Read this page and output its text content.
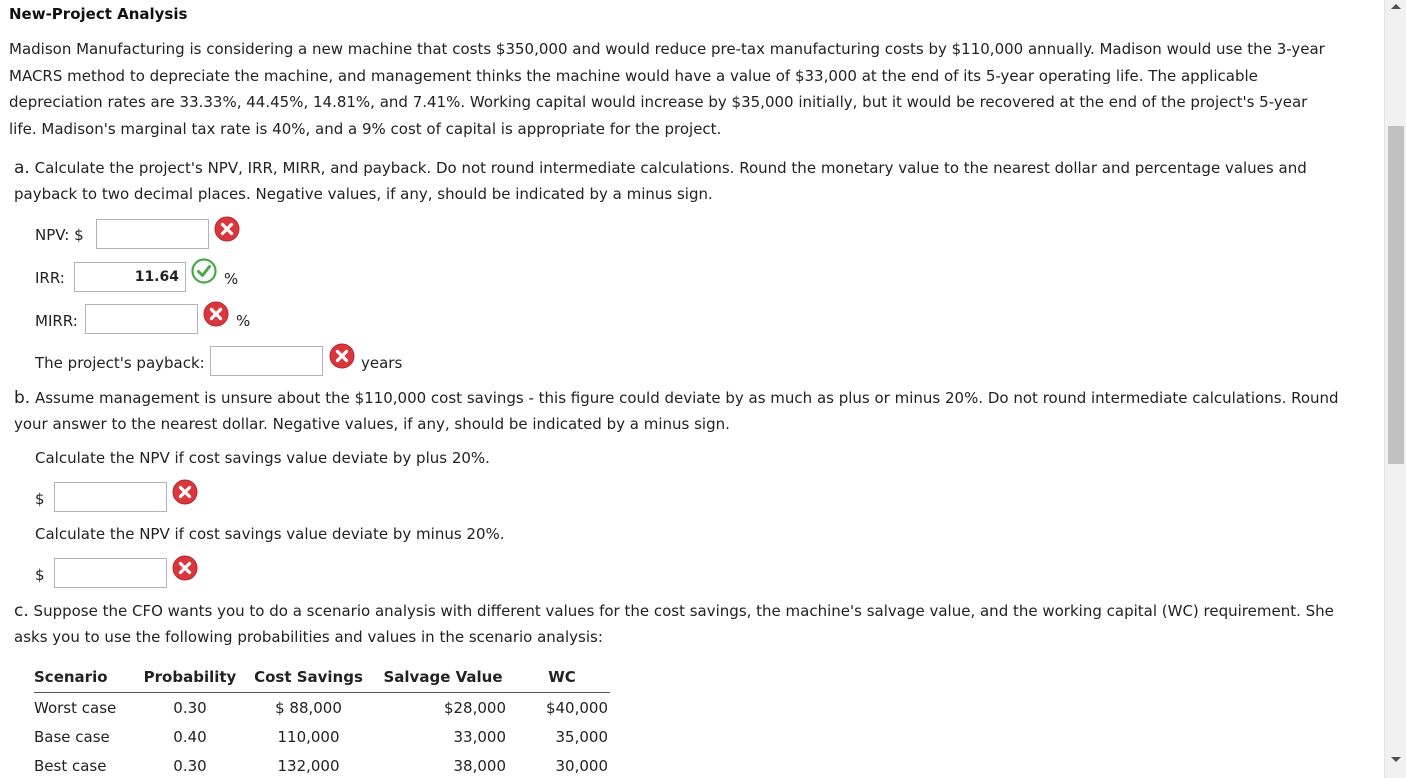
New-Project Analysis
Madison Manufacturing is considering a new machine that costs $350,000 and would reduce pre-tax manufacturing costs by $110,000 annually. Madison would use the 3-year MACRS method to depreciate the machine, and management thinks the machine would have a value of $33,000 at the end of its 5-year operating life. The applicable depreciation rates are 33.33%, 44.45%, 14.81%, and 7.41%. Working capital would increase by $35,000 initially, but it would be recovered at the end of the project's 5-year life. Madison's marginal tax rate is 40%, and a 9% cost of capital is appropriate for the project.
a. Calculate the project's NPV, IRR, MIRR, and payback. Do not round intermediate calculations. Round the monetary value to the nearest dollar and percentage values and payback to two decimal places. Negative values, if any, should be indicated by a minus sign.
NPV: $
IRR:
11.64	%
MIRR:	%
The project's payback:	years
b. Assume management is unsure about the $110,000 cost savings - this figure could deviate by as much as plus or minus 20%. Do not round intermediate calculations. Round your answer to the nearest dollar. Negative values, if any, should be indicated by a minus sign.
Calculate the NPV if cost savings value deviate by plus 20%.
$
Calculate the NPV if cost savings value deviate by minus 20%.
$
c. Suppose the CFO wants you to do a scenario analysis with different values for the cost savings, the machine's salvage value, and the working capital (WC) requirement. She asks you to use the following probabilities and values in the scenario analysis:
Scenario	Probability	Cost Savings	Salvage Value	WC
Worst case	0.30	$ 88,000	$28,000	$40,000
Base case	0.40	110,000	33,000	35,000
Best case	0.30	132,000	38,000	30,000
